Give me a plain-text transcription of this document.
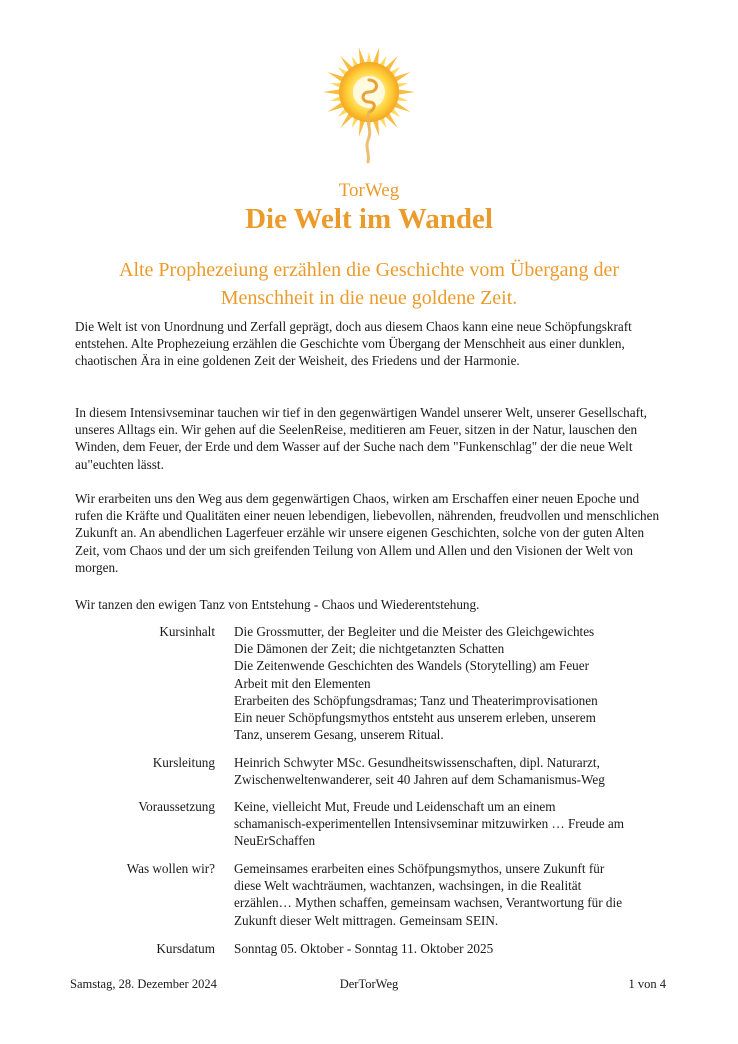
TorWeg
Die Welt im Wandel
Alte Prophezeiung erzählen die Geschichte vom Übergang der
Menschheit in die neue goldene Zeit.

Die Welt ist von Unordnung und Zerfall geprägt, doch aus diesem Chaos kann eine neue Schöpfungskraft entstehen. Alte Prophezeiung erzählen die Geschichte vom Übergang der Menschheit aus einer dunklen, chaotischen Ära in eine goldenen Zeit der Weisheit, des Friedens und der Harmonie.

In diesem Intensivseminar tauchen wir tief in den gegenwärtigen Wandel unserer Welt, unserer Gesellschaft, unseres Alltags ein. Wir gehen auf die SeelenReise, meditieren am Feuer, sitzen in der Natur, lauschen den Winden, dem Feuer, der Erde und dem Wasser auf der Suche nach dem "Funkenschlag" der die neue Welt au"euchten lässt.

Wir erarbeiten uns den Weg aus dem gegenwärtigen Chaos, wirken am Erschaffen einer neuen Epoche und rufen die Kräfte und Qualitäten einer neuen lebendigen, liebevollen, nährenden, freudvollen und menschlichen Zukunft an. An abendlichen Lagerfeuer erzähle wir unsere eigenen Geschichten, solche von der guten Alten Zeit, vom Chaos und der um sich greifenden Teilung von Allem und Allen und den Visionen der Welt von morgen.

Wir tanzen den ewigen Tanz von Entstehung - Chaos und Wiederentstehung.

Kursinhalt Die Grossmutter, der Begleiter und die Meister des Gleichgewichtes
Die Dämonen der Zeit; die nichtgetanzten Schatten
Die Zeitenwende Geschichten des Wandels (Storytelling) am Feuer
Arbeit mit den Elementen
Erarbeiten des Schöpfungsdramas; Tanz und Theaterimprovisationen
Ein neuer Schöpfungsmythos entsteht aus unserem erleben, unserem
Tanz, unserem Gesang, unserem Ritual.
Kursleitung Heinrich Schwyter MSc. Gesundheitswissenschaften, dipl. Naturarzt,
Zwischenweltenwanderer, seit 40 Jahren auf dem Schamanismus-Weg
Voraussetzung Keine, vielleicht Mut, Freude und Leidenschaft um an einem
schamanisch-experimentellen Intensivseminar mitzuwirken … Freude am
NeuErSchaffen
Was wollen wir? Gemeinsames erarbeiten eines Schöfpungsmythos, unsere Zukunft für
diese Welt wachträumen, wachtanzen, wachsingen, in die Realität
erzählen… Mythen schaffen, gemeinsam wachsen, Verantwortung für die
Zukunft dieser Welt mittragen. Gemeinsam SEIN.
Kursdatum Sonntag 05. Oktober - Sonntag 11. Oktober 2025
Samstag, 28. Dezember 2024	DerTorWeg	1 von 4
